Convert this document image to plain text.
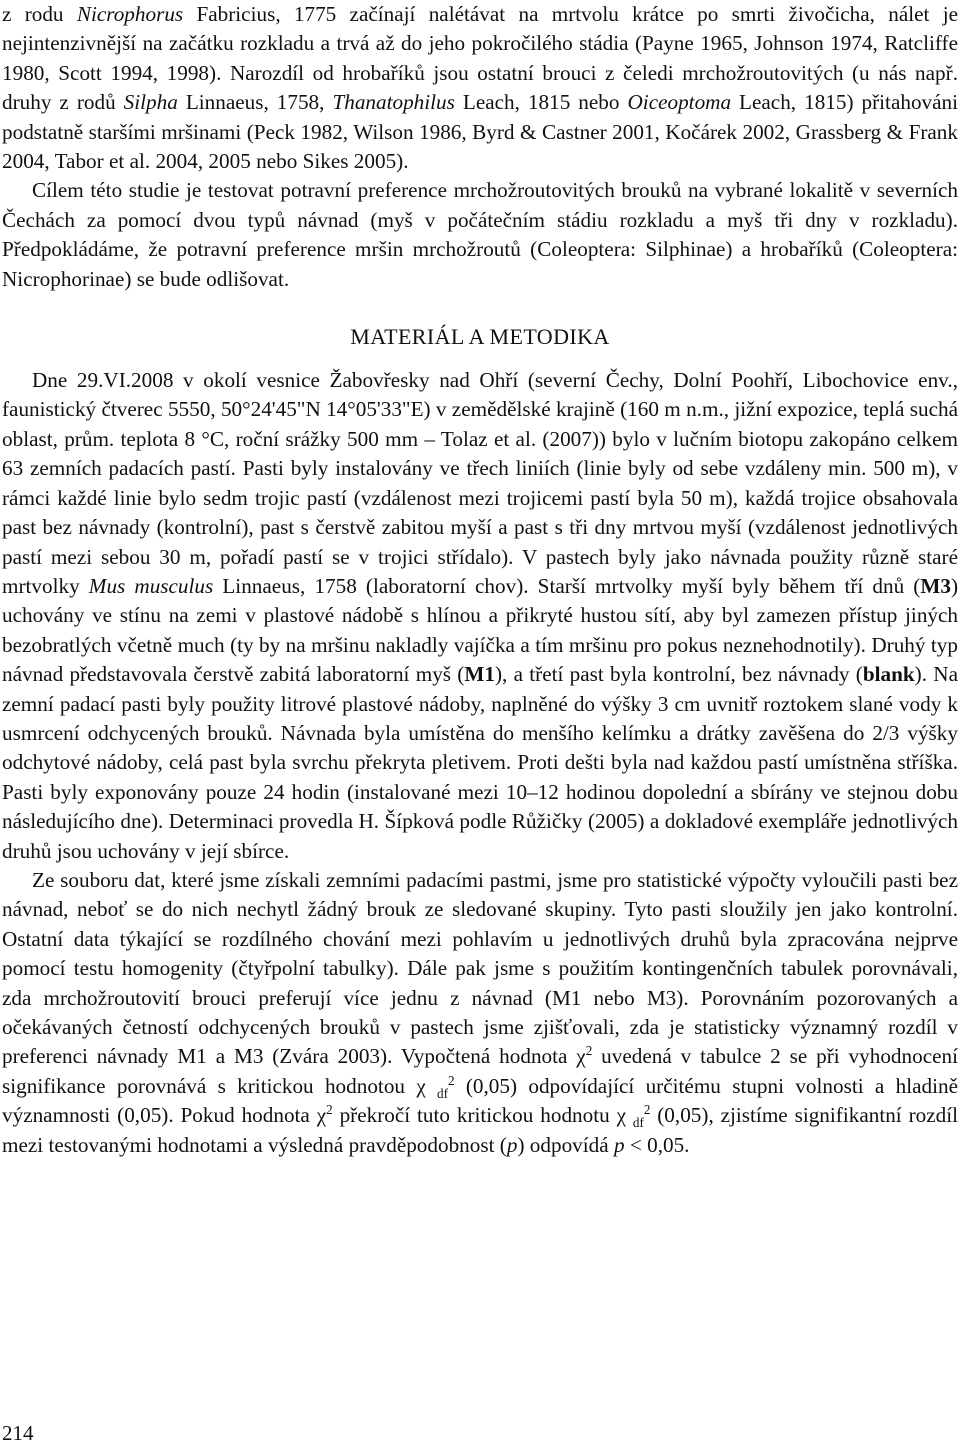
z rodu Nicrophorus Fabricius, 1775 začínají nalétávat na mrtvolu krátce po smrti živočicha, nálet je nejintenzivnější na začátku rozkladu a trvá až do jeho pokročilého stádia (Payne 1965, Johnson 1974, Ratcliffe 1980, Scott 1994, 1998). Narozdíl od hrobaříků jsou ostatní brouci z čeledi mrchožroutovitých (u nás např. druhy z rodů Silpha Linnaeus, 1758, Thanatophilus Leach, 1815 nebo Oiceoptoma Leach, 1815) přitahováni podstatně staršími mršinami (Peck 1982, Wilson 1986, Byrd & Castner 2001, Kočárek 2002, Grassberg & Frank 2004, Tabor et al. 2004, 2005 nebo Sikes 2005).

Cílem této studie je testovat potravní preference mrchožroutovitých brouků na vybrané lokalitě v severních Čechách za pomocí dvou typů návnad (myš v počátečním stádiu rozkladu a myš tři dny v rozkladu). Předpokládáme, že potravní preference mršin mrchožroutů (Coleoptera: Silphinae) a hrobaříků (Coleoptera: Nicrophorinae) se bude odlišovat.

MATERIÁL A METODIKA

Dne 29.VI.2008 v okolí vesnice Žabovřesky nad Ohří (severní Čechy, Dolní Poohří, Libochovice env., faunistický čtverec 5550, 50°24'45"N 14°05'33"E) v zemědělské krajině (160 m n.m., jižní expozice, teplá suchá oblast, prům. teplota 8 °C, roční srážky 500 mm – Tolaz et al. (2007)) bylo v lučním biotopu zakopáno celkem 63 zemních padacích pastí. Pasti byly instalovány ve třech liniích (linie byly od sebe vzdáleny min. 500 m), v rámci každé linie bylo sedm trojic pastí (vzdálenost mezi trojicemi pastí byla 50 m), každá trojice obsahovala past bez návnady (kontrolní), past s čerstvě zabitou myší a past s tři dny mrtvou myší (vzdálenost jednotlivých pastí mezi sebou 30 m, pořadí pastí se v trojici střídalo). V pastech byly jako návnada použity různě staré mrtvolky Mus musculus Linnaeus, 1758 (laboratorní chov). Starší mrtvolky myší byly během tří dnů (M3) uchovány ve stínu na zemi v plastové nádobě s hlínou a přikryté hustou sítí, aby byl zamezen přístup jiných bezobratlých včetně much (ty by na mršinu nakladly vajíčka a tím mršinu pro pokus neznehodnotily). Druhý typ návnad představovala čerstvě zabitá laboratorní myš (M1), a třetí past byla kontrolní, bez návnady (blank). Na zemní padací pasti byly použity litrové plastové nádoby, naplněné do výšky 3 cm uvnitř roztokem slané vody k usmrcení odchycených brouků. Návnada byla umístěna do menšího kelímku a drátky zavěšena do 2/3 výšky odchytové nádoby, celá past byla svrchu překryta pletivem. Proti dešti byla nad každou pastí umístněna stříška. Pasti byly exponovány pouze 24 hodin (instalované mezi 10–12 hodinou dopolední a sbírány ve stejnou dobu následujícího dne). Determinaci provedla H. Šípková podle Růžičky (2005) a dokladové exempláře jednotlivých druhů jsou uchovány v její sbírce.

Ze souboru dat, které jsme získali zemními padacími pastmi, jsme pro statistické výpočty vyloučili pasti bez návnad, neboť se do nich nechytl žádný brouk ze sledované skupiny. Tyto pasti sloužily jen jako kontrolní. Ostatní data týkající se rozdílného chování mezi pohlavím u jednotlivých druhů byla zpracována nejprve pomocí testu homogenity (čtyřpolní tabulky). Dále pak jsme s použitím kontingenčních tabulek porovnávali, zda mrchožroutovití brouci preferují více jednu z návnad (M1 nebo M3). Porovnáním pozorovaných a očekávaných četností odchycených brouků v pastech jsme zjišťovali, zda je statisticky významný rozdíl v preferenci návnady M1 a M3 (Zvára 2003). Vypočtená hodnota $\chi^2$ uvedená v tabulce 2 se při vyhodnocení signifikance porovnává s kritickou hodnotou χ $_{df}^2$ (0,05) odpovídající určitému stupni volnosti a hladině významnosti (0,05). Pokud hodnota $\chi^2$ překročí tuto kritickou hodnotu χ $_{df}^2$ (0,05), zjistíme signifikantní rozdíl mezi testovanými hodnotami a výsledná pravděpodobnost (p) odpovídá p < 0,05.

214
